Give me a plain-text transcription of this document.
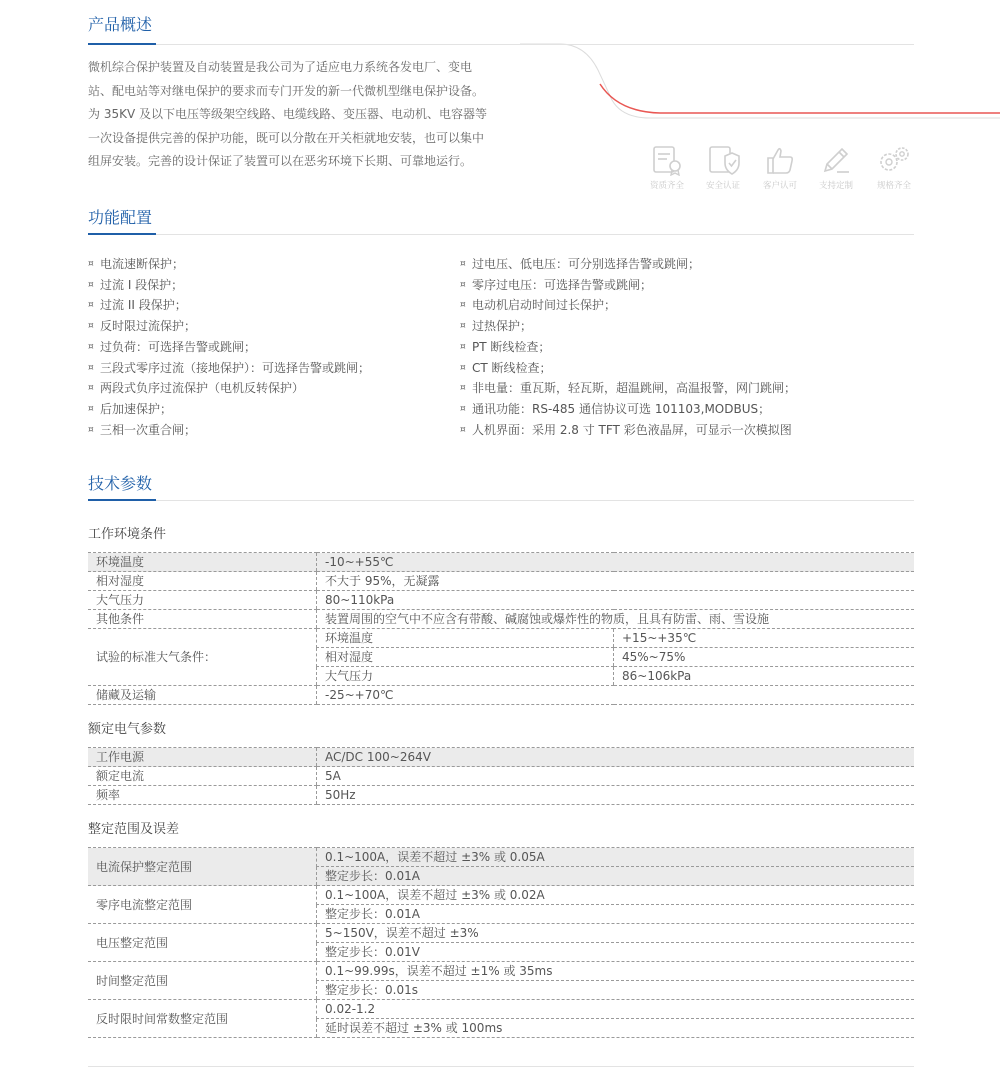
产品概述
微机综合保护装置及自动装置是我公司为了适应电力系统各发电厂、变电
站、配电站等对继电保护的要求而专门开发的新一代微机型继电保护设备。
为 35KV 及以下电压等级架空线路、电缆线路、变压器、电动机、电容器等
一次设备提供完善的保护功能，既可以分散在开关柜就地安装，也可以集中
组屏安装。完善的设计保证了装置可以在恶劣环境下长期、可靠地运行。
资质齐全	安全认证	客户认可	支持定制	规格齐全
功能配置
¤ 电流速断保护；
¤ 过流 I 段保护；
¤ 过流 II 段保护；
¤ 反时限过流保护；
¤ 过负荷：可选择告警或跳闸；
¤ 三段式零序过流（接地保护）：可选择告警或跳闸；
¤ 两段式负序过流保护（电机反转保护）
¤ 后加速保护；
¤ 三相一次重合闸；
¤ 过电压、低电压：可分别选择告警或跳闸；
¤ 零序过电压：可选择告警或跳闸；
¤ 电动机启动时间过长保护；
¤ 过热保护；
¤ PT 断线检查；
¤ CT 断线检查；
¤ 非电量：重瓦斯，轻瓦斯，超温跳闸，高温报警，网门跳闸；
¤ 通讯功能：RS-485 通信协议可选 101103,MODBUS；
¤ 人机界面：采用 2.8 寸 TFT 彩色液晶屏，可显示一次模拟图
技术参数
工作环境条件
环境温度	-10~+55℃	
相对湿度	不大于 95%，无凝露	
大气压力	80~110kPa	
其他条件	装置周围的空气中不应含有带酸、碱腐蚀或爆炸性的物质，且具有防雷、雨、雪设施	
试验的标准大气条件：	环境温度	+15~+35℃
	相对湿度	45%~75%
	大气压力	86~106kPa
储藏及运输	-25~+70℃	
额定电气参数
工作电源	AC/DC 100~264V
额定电流	5A
频率	50Hz
整定范围及误差
电流保护整定范围	0.1~100A，误差不超过 ±3% 或 0.05A
	整定步长：0.01A
零序电流整定范围	0.1~100A，误差不超过 ±3% 或 0.02A
	整定步长：0.01A
电压整定范围	5~150V，误差不超过 ±3%
	整定步长：0.01V
时间整定范围	0.1~99.99s，误差不超过 ±1% 或 35ms
	整定步长：0.01s
反时限时间常数整定范围	0.02-1.2
	延时误差不超过 ±3% 或 100ms
